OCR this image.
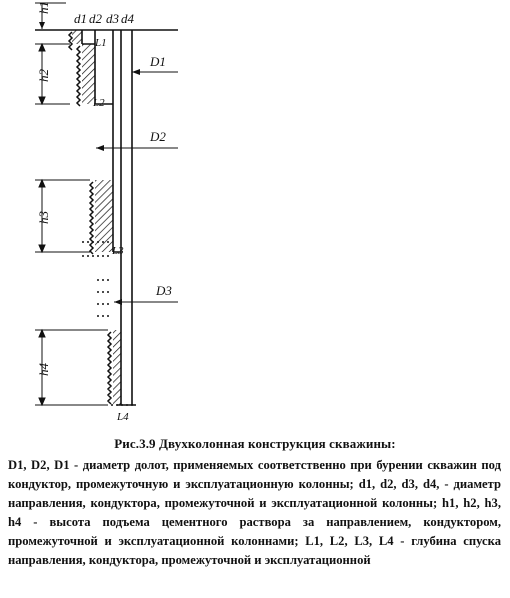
h1
d1 d2 d3 d4
L1
L2
L3
L4
D1
D2
D3
h2
h3
h4
Рис.3.9 Двухколонная конструкция скважины:

D1, D2, D1 - диаметр долот, применяемых соответственно при бурении скважин под кондуктор, промежуточную и эксплуатационную колонны; d1, d2, d3, d4, - диаметр направления, кондуктора, промежуточной и эксплуатационной колонны; h1, h2, h3, h4 - высота подъема цементного раствора за направлением, кондуктором, промежуточной и эксплуатационной колоннами; L1, L2, L3, L4 - глубина спуска направления, кондуктора, промежуточной и эксплуатационной
